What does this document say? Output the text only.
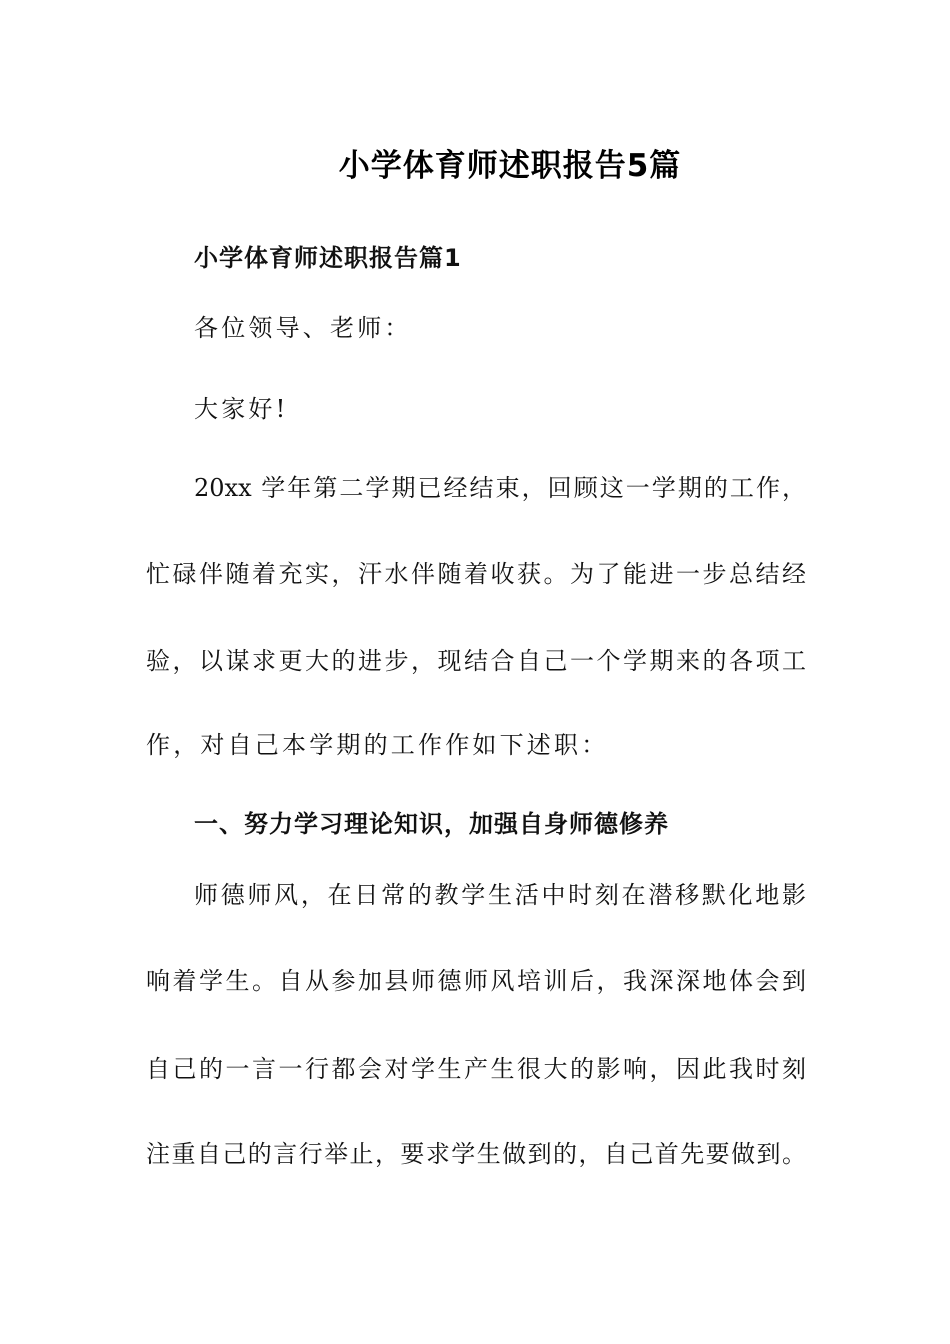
小学体育师述职报告5篇
小学体育师述职报告篇1
各位领导、老师：
大家好!
20xx 学年第二学期已经结束，回顾这一学期的工作，
忙碌伴随着充实，汗水伴随着收获。为了能进一步总结经
验，以谋求更大的进步，现结合自己一个学期来的各项工
作，对自己本学期的工作作如下述职：
一、努力学习理论知识，加强自身师德修养
师德师风，在日常的教学生活中时刻在潜移默化地影
响着学生。自从参加县师德师风培训后，我深深地体会到
自己的一言一行都会对学生产生很大的影响，因此我时刻
注重自己的言行举止，要求学生做到的，自己首先要做到。
